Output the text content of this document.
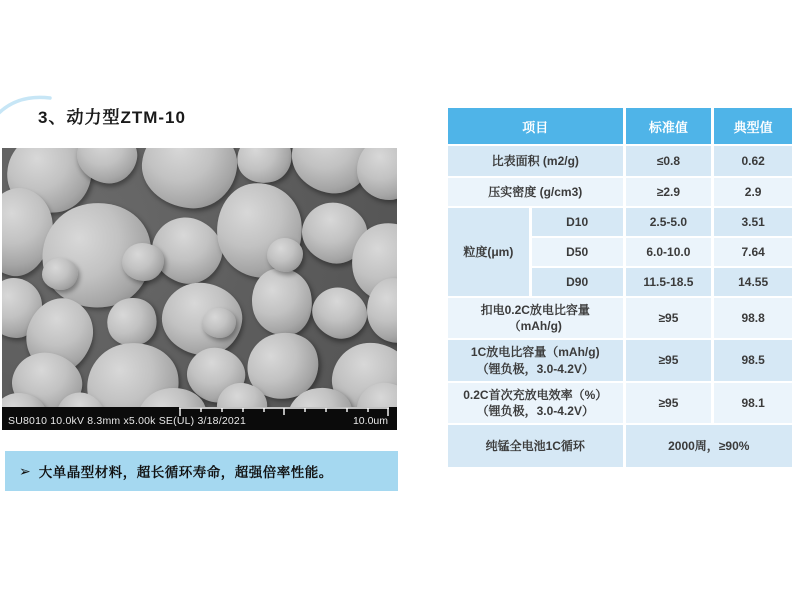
3、动力型ZTM-10
SU8010 10.0kV 8.3mm x5.00k SE(UL) 3/18/2021	10.0um
项目		标准值	典型值
比表面积 (m2/g)		≤0.8	0.62
压实密度 (g/cm3)		≥2.9	2.9
粒度(μm)	D10	2.5-5.0	3.51
	D50	6.0-10.0	7.64
	D90	11.5-18.5	14.55

扣电0.2C放电比容量
（mAh/g)		≥95	98.8

1C放电比容量（mAh/g)
（锂负极，3.0-4.2V）		≥95	98.5

0.2C首次充放电效率（%）
（锂负极，3.0-4.2V）		≥95	98.1
纯锰全电池1C循环		2000周，≥90%	
➢ 大单晶型材料，超长循环寿命，超强倍率性能。
